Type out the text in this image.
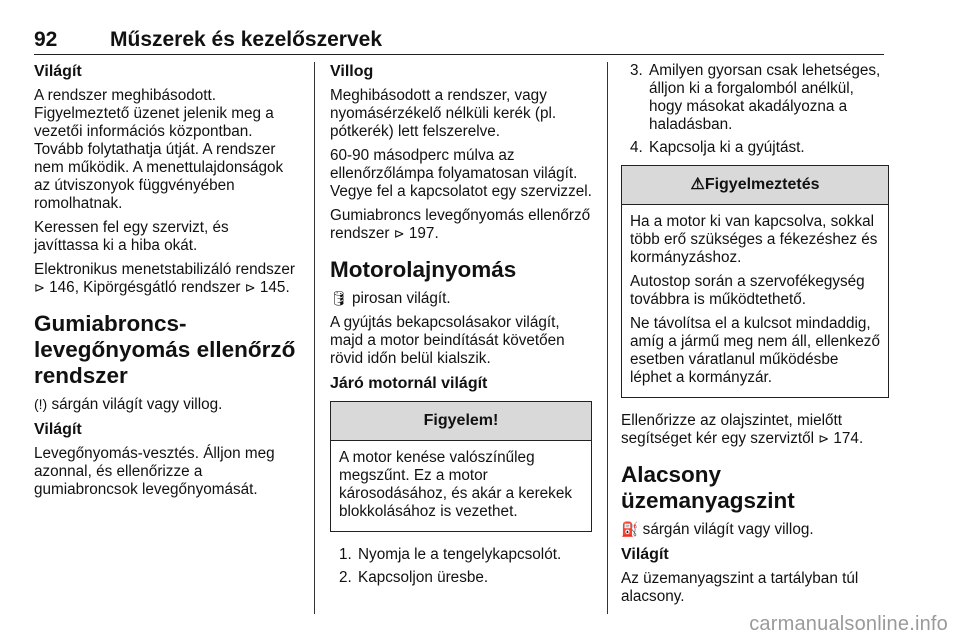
92	Műszerek és kezelőszervek
Világít

A rendszer meghibásodott. Figyelmeztető üzenet jelenik meg a vezetői információs központban. Tovább folytathatja útját. A rendszer nem működik. A menettulajdonságok az útviszonyok függvényében romolhatnak.

Keressen fel egy szervizt, és javíttassa ki a hiba okát.

Elektronikus menetstabilizáló rendszer ⊳ 146, Kipörgésgátló rendszer ⊳ 145.

Gumiabroncs-levegőnyomás ellenőrző rendszer

(!) sárgán világít vagy villog.

Világít

Levegőnyomás-vesztés. Álljon meg azonnal, és ellenőrizze a gumiabroncsok levegőnyomását.

Villog

Meghibásodott a rendszer, vagy nyomásérzékelő nélküli kerék (pl. pótkerék) lett felszerelve.

60-90 másodperc múlva az ellenőrzőlámpa folyamatosan világít. Vegye fel a kapcsolatot egy szervizzel.

Gumiabroncs levegőnyomás ellenőrző rendszer ⊳ 197.

Motorolajnyomás

🛢 pirosan világít.

A gyújtás bekapcsolásakor világít, majd a motor beindítását követően rövid időn belül kialszik.

Járó motornál világít
Figyelem!

A motor kenése valószínűleg megszűnt. Ez a motor károsodásához, és akár a kerekek blokkolásához is vezethet.

1. Nyomja le a tengelykapcsolót.
2. Kapcsoljon üresbe.
3. Amilyen gyorsan csak lehetséges, álljon ki a forgalomból anélkül, hogy másokat akadályozna a haladásban.
4. Kapcsolja ki a gyújtást.
⚠Figyelmeztetés

Ha a motor ki van kapcsolva, sokkal több erő szükséges a fékezéshez és kormányzáshoz.

Autostop során a szervofékegység továbbra is működtethető.

Ne távolítsa el a kulcsot mindaddig, amíg a jármű meg nem áll, ellenkező esetben váratlanul működésbe léphet a kormányzár.

Ellenőrizze az olajszintet, mielőtt segítséget kér egy szerviztől ⊳ 174.

Alacsony üzemanyagszint

⛽ sárgán világít vagy villog.

Világít

Az üzemanyagszint a tartályban túl alacsony.

carmanualsonline.info
